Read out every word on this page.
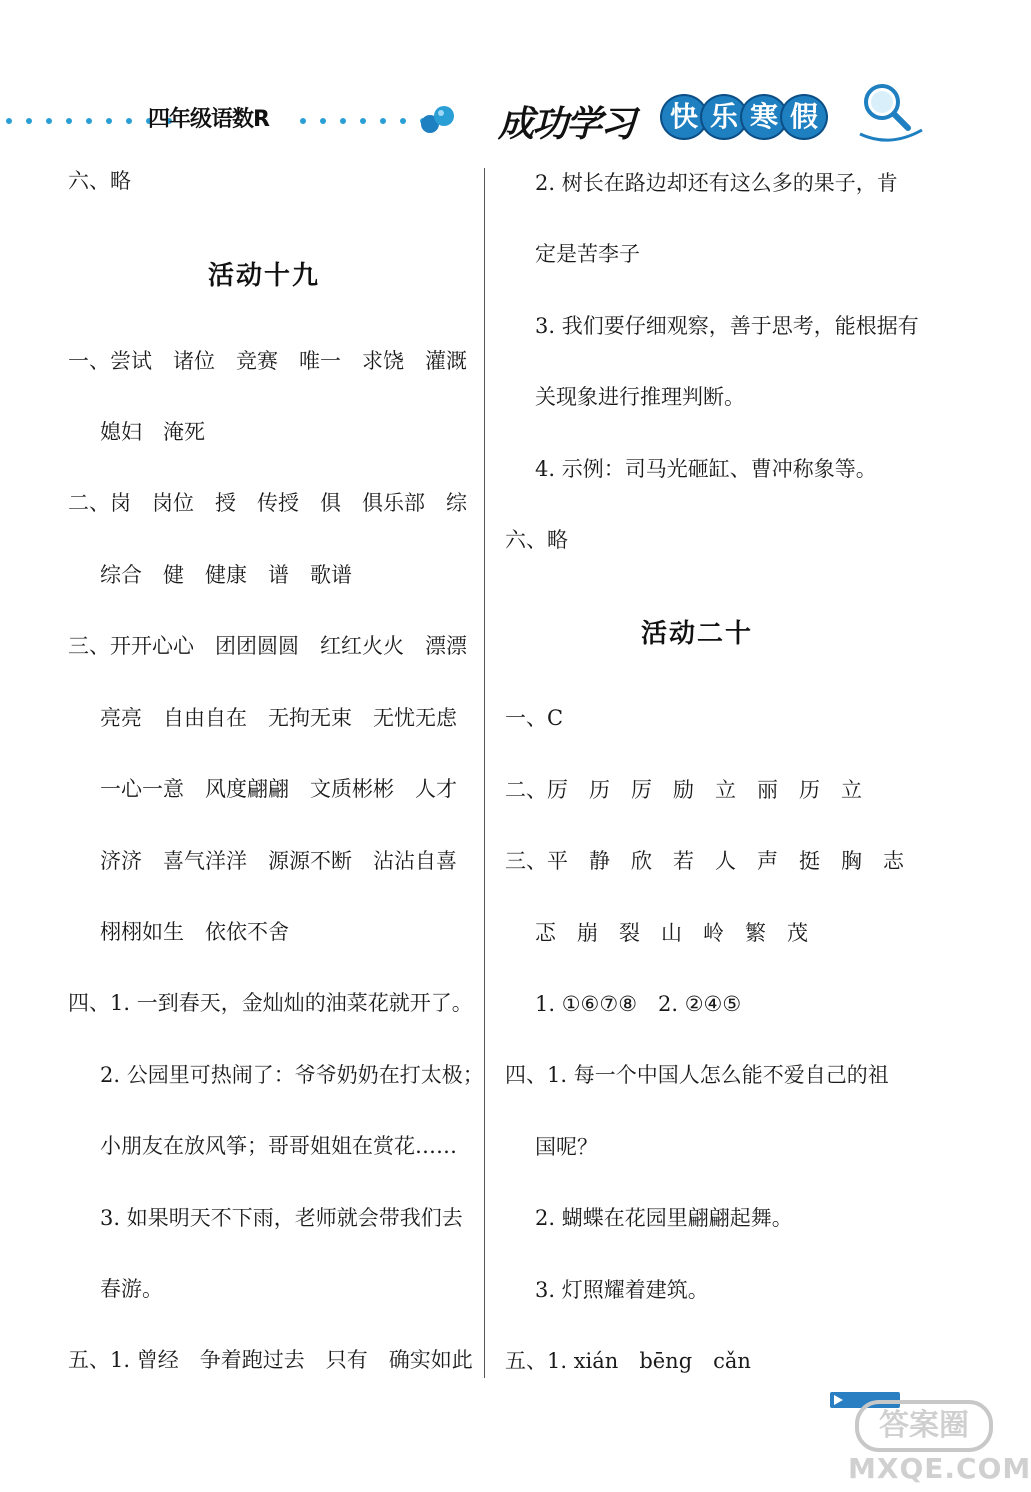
四年级语数R	成功学习	快 乐 寒 假
六、略
活动十九
一、尝试　诸位　竞赛　唯一　求饶　灌溉
媳妇　淹死
二、岗　岗位　授　传授　俱　俱乐部　综
综合　健　健康　谱　歌谱
三、开开心心　团团圆圆　红红火火　漂漂
亮亮　自由自在　无拘无束　无忧无虑
一心一意　风度翩翩　文质彬彬　人才
济济　喜气洋洋　源源不断　沾沾自喜
栩栩如生　依依不舍
四、1. 一到春天，金灿灿的油菜花就开了。
2. 公园里可热闹了：爷爷奶奶在打太极；
小朋友在放风筝；哥哥姐姐在赏花……
3. 如果明天不下雨，老师就会带我们去
春游。
五、1. 曾经　争着跑过去　只有　确实如此
2. 树长在路边却还有这么多的果子，肯
定是苦李子
3. 我们要仔细观察，善于思考，能根据有
关现象进行推理判断。
4. 示例：司马光砸缸、曹冲称象等。
六、略
活动二十
一、C
二、厉　历　厉　励　立　丽　历　立
三、平　静　欣　若　人　声　挺　胸　志
忑　崩　裂　山　岭　繁　茂
1. ①⑥⑦⑧　2. ②④⑤
四、1. 每一个中国人怎么能不爱自己的祖
国呢？
2. 蝴蝶在花园里翩翩起舞。
3. 灯照耀着建筑。
五、1. xián　bēng　cǎn
答案圈
MXQE.COM
